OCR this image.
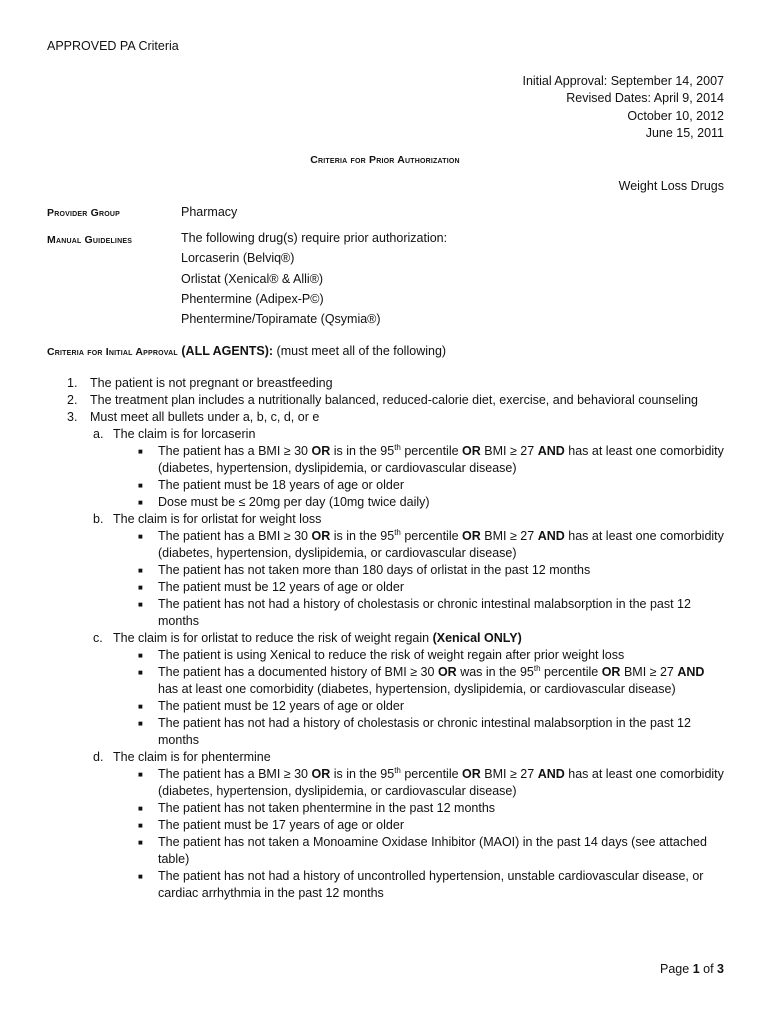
APPROVED PA Criteria
Initial Approval: September 14, 2007
Revised Dates: April 9, 2014
October 10, 2012
June 15, 2011
Criteria for Prior Authorization
Weight Loss Drugs
Provider Group	Pharmacy
Manual Guidelines	The following drug(s) require prior authorization:
Lorcaserin (Belviq®)
Orlistat (Xenical® & Alli®)
Phentermine (Adipex-P©)
Phentermine/Topiramate (Qsymia®)
Criteria for Initial Approval (ALL AGENTS): (must meet all of the following)
1. The patient is not pregnant or breastfeeding
2. The treatment plan includes a nutritionally balanced, reduced-calorie diet, exercise, and behavioral counseling
3. Must meet all bullets under a, b, c, d, or e
a. The claim is for lorcaserin
■ The patient has a BMI ≥ 30 OR is in the 95th percentile OR BMI ≥ 27 AND has at least one comorbidity (diabetes, hypertension, dyslipidemia, or cardiovascular disease)
■ The patient must be 18 years of age or older
■ Dose must be ≤ 20mg per day (10mg twice daily)
b. The claim is for orlistat for weight loss
■ The patient has a BMI ≥ 30 OR is in the 95th percentile OR BMI ≥ 27 AND has at least one comorbidity (diabetes, hypertension, dyslipidemia, or cardiovascular disease)
■ The patient has not taken more than 180 days of orlistat in the past 12 months
■ The patient must be 12 years of age or older
■ The patient has not had a history of cholestasis or chronic intestinal malabsorption in the past 12 months
c. The claim is for orlistat to reduce the risk of weight regain (Xenical ONLY)
■ The patient is using Xenical to reduce the risk of weight regain after prior weight loss
■ The patient has a documented history of BMI ≥ 30 OR was in the 95th percentile OR BMI ≥ 27 AND has at least one comorbidity (diabetes, hypertension, dyslipidemia, or cardiovascular disease)
■ The patient must be 12 years of age or older
■ The patient has not had a history of cholestasis or chronic intestinal malabsorption in the past 12 months
d. The claim is for phentermine
■ The patient has a BMI ≥ 30 OR is in the 95th percentile OR BMI ≥ 27 AND has at least one comorbidity (diabetes, hypertension, dyslipidemia, or cardiovascular disease)
■ The patient has not taken phentermine in the past 12 months
■ The patient must be 17 years of age or older
■ The patient has not taken a Monoamine Oxidase Inhibitor (MAOI) in the past 14 days (see attached table)
■ The patient has not had a history of uncontrolled hypertension, unstable cardiovascular disease, or cardiac arrhythmia in the past 12 months
Page 1 of 3
